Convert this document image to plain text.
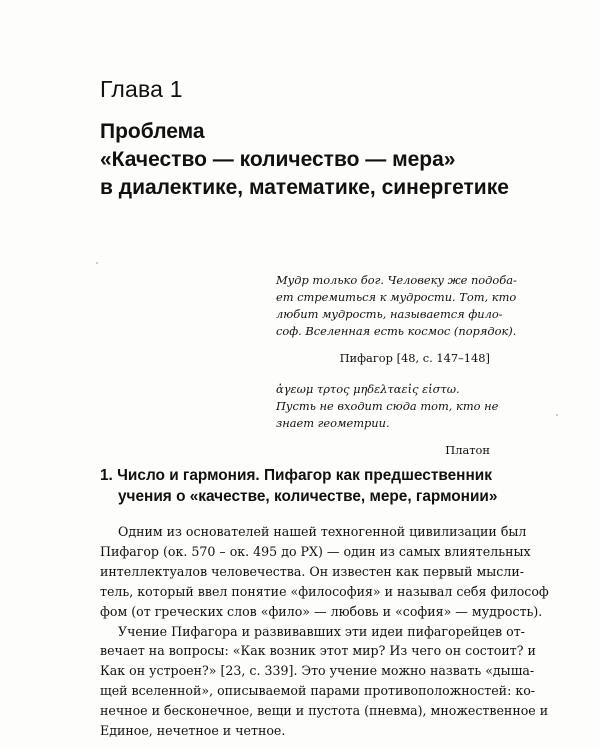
Глава 1
Проблема
«Качество — количество — мера»
в диалектике, математике, синергетике
Мудр только бог. Человеку же подоба-
ет стремиться к мудрости. Тот, кто
любит мудрость, называется фило-
соф. Вселенная есть космос (порядок).
Пифагор [48, с. 147–148]
ἀγεωμ τρτος μηδελταεἰς εἰστω.
Пусть не входит сюда тот, кто не
знает геометрии.
Платон
1. Число и гармония. Пифагор как предшественник
учения о «качестве, количестве, мере, гармонии»
Одним из основателей нашей техногенной цивилизации был
Пифагор (ок. 570 – ок. 495 до РХ) — один из самых влиятельных
интеллектуалов человечества. Он известен как первый мысли-
тель, который ввел понятие «философия» и называл себя философ
фом (от греческих слов «фило» — любовь и «софия» — мудрость).
Учение Пифагора и развивавших эти идеи пифагорейцев от-
вечает на вопросы: «Как возник этот мир? Из чего он состоит? и
Как он устроен?» [23, с. 339]. Это учение можно назвать «дыша-
щей вселенной», описываемой парами противоположностей: ко-
нечное и бесконечное, вещи и пустота (пневма), множественное и
Единое, нечетное и четное.
